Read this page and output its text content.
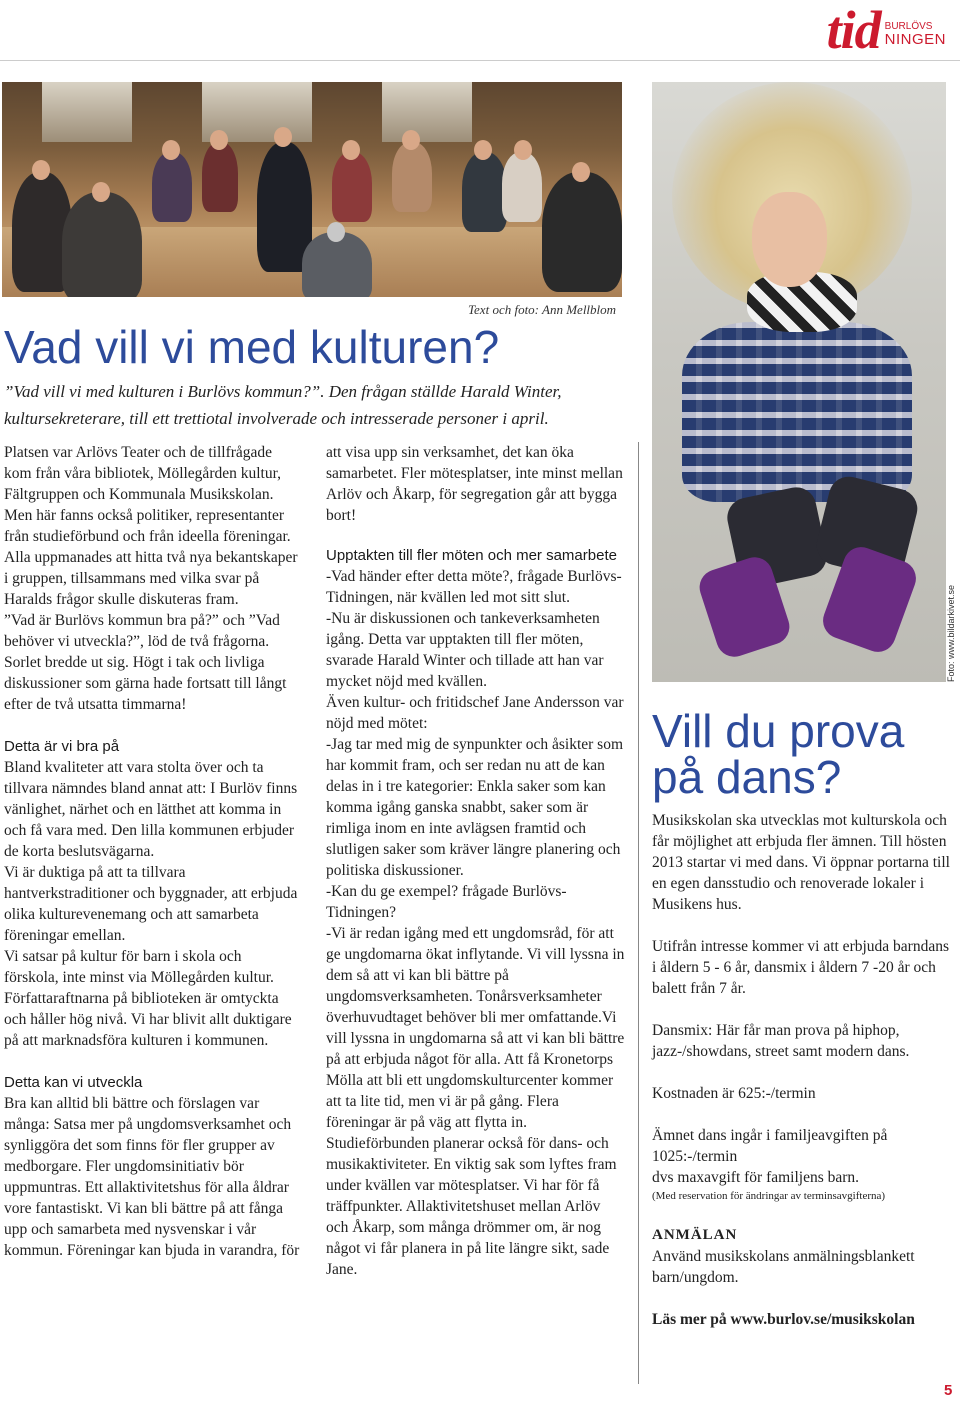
tid BURLÖVS
NINGEN
Text och foto: Ann Mellblom
Foto: www.bildarkivet.se
Vad vill vi med kulturen?

”Vad vill vi med kulturen i Burlövs kommun?”. Den frågan ställde Harald Winter, kultursekreterare, till ett trettiotal involverade och intresserade personer i april.

Platsen var Arlövs Teater och de tillfrågade kom från våra bibliotek, Möllegården kultur, Fältgruppen och Kommunala Musikskolan. Men här fanns också politiker, representanter från studieförbund och från ideella föreningar.

Alla uppmanades att hitta två nya bekantskaper i gruppen, tillsammans med vilka svar på Haralds frågor skulle diskuteras fram.

”Vad är Burlövs kommun bra på?” och ”Vad behöver vi utveckla?”, löd de två frågorna.

Sorlet bredde ut sig. Högt i tak och livliga diskussioner som gärna hade fortsatt till långt efter de två utsatta timmarna!

Detta är vi bra på

Bland kvaliteter att vara stolta över och ta tillvara nämndes bland annat att: I Burlöv finns vänlighet, närhet och en lätthet att komma in och få vara med. Den lilla kommunen erbjuder de korta beslutsvägarna.

Vi är duktiga på att ta tillvara hantverkstraditioner och byggnader, att erbjuda olika kulturevenemang och att samarbeta föreningar emellan.

Vi satsar på kultur för barn i skola och förskola, inte minst via Möllegården kultur. Författaraftnarna på biblioteken är omtyckta och håller hög nivå. Vi har blivit allt duktigare på att marknadsföra kulturen i kommunen.

Detta kan vi utveckla

Bra kan alltid bli bättre och förslagen var många: Satsa mer på ungdomsverksamhet och synliggöra det som finns för fler grupper av medborgare. Fler ungdomsinitiativ bör uppmuntras. Ett allaktivitetshus för alla åldrar vore fantastiskt. Vi kan bli bättre på att fånga upp och samarbeta med nysvenskar i vår kommun. Föreningar kan bjuda in varandra, för

att visa upp sin verksamhet, det kan öka samarbetet. Fler mötesplatser, inte minst mellan Arlöv och Åkarp, för segregation går att bygga bort!

Upptakten till fler möten och mer samarbete

-Vad händer efter detta möte?, frågade Burlövs-Tidningen, när kvällen led mot sitt slut.

-Nu är diskussionen och tankeverksamheten igång. Detta var upptakten till fler möten, svarade Harald Winter och tillade att han var mycket nöjd med kvällen.

Även kultur- och fritidschef Jane Andersson var nöjd med mötet:

-Jag tar med mig de synpunkter och åsikter som har kommit fram, och ser redan nu att de kan delas in i tre kategorier: Enkla saker som kan komma igång ganska snabbt, saker som är rimliga inom en inte avlägsen framtid och slutligen saker som kräver längre planering och politiska diskussioner.

-Kan du ge exempel? frågade Burlövs-Tidningen?

-Vi är redan igång med ett ungdomsråd, för att ge ungdomarna ökat inflytande. Vi vill lyssna in dem så att vi kan bli bättre på ungdomsverksamheten. Tonårsverksamheter överhuvudtaget behöver bli mer omfattande.Vi vill lyssna in ungdomarna så att vi kan bli bättre på att erbjuda något för alla. Att få Kronetorps Mölla att bli ett ungdomskulturcenter kommer att ta lite tid, men vi är på gång. Flera föreningar är på väg att flytta in. Studieförbunden planerar också för dans- och musikaktiviteter. En viktig sak som lyftes fram under kvällen var mötesplatser. Vi har för få träffpunkter. Allaktivitetshuset mellan Arlöv och Åkarp, som många drömmer om, är nog något vi får planera in på lite längre sikt, sade Jane.

Vill du prova på dans?

Musikskolan ska utvecklas mot kulturskola och får möjlighet att erbjuda fler ämnen. Till hösten 2013 startar vi med dans. Vi öppnar portarna till en egen dansstudio och renoverade lokaler i Musikens hus.

Utifrån intresse kommer vi att erbjuda barndans i åldern 5 - 6 år, dansmix i åldern 7 -20 år och balett från 7 år.

Dansmix: Här får man prova på hiphop, jazz-/showdans, street samt modern dans.

Kostnaden är 625:-/termin

Ämnet dans ingår i familjeavgiften på 1025:-/termin

dvs maxavgift för familjens barn.

(Med reservation för ändringar av terminsavgifterna)

ANMÄLAN

Använd musikskolans anmälningsblankett barn/ungdom.

Läs mer på www.burlov.se/musikskolan

5
